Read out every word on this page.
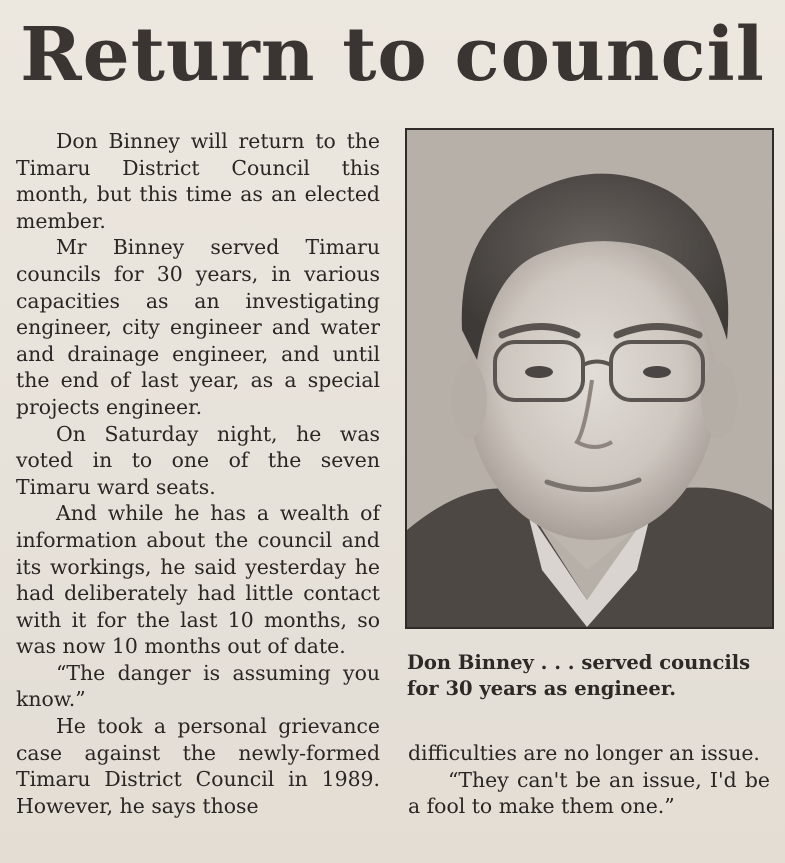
Return to council

Don Binney will return to the Timaru District Council this month, but this time as an elected member.

Mr Binney served Timaru councils for 30 years, in various capacities as an investigating engineer, city engineer and water and drainage engineer, and until the end of last year, as a special projects engineer.

On Saturday night, he was voted in to one of the seven Timaru ward seats.

And while he has a wealth of information about the council and its workings, he said yesterday he had deliberately had little contact with it for the last 10 months, so was now 10 months out of date.

“The danger is assuming you know.”

He took a personal grievance case against the newly-formed Timaru District Council in 1989. However, he says those

Don Binney . . . served councils for 30 years as engineer.

difficulties are no longer an issue.

“They can't be an issue, I'd be a fool to make them one.”
